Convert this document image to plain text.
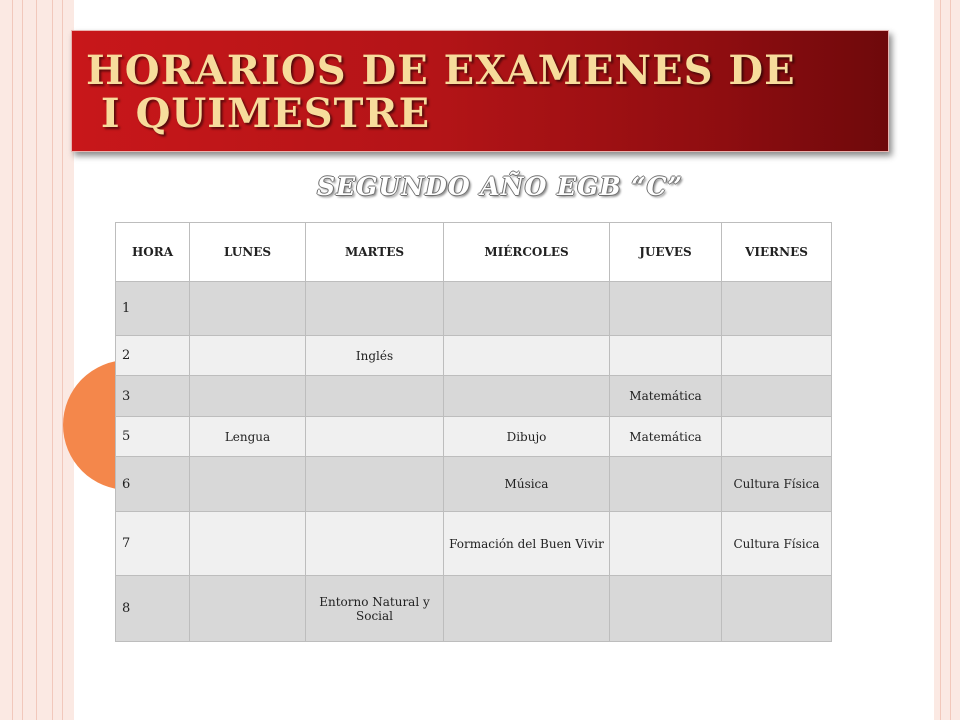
HORARIOS DE EXAMENES DE
I QUIMESTRE
SEGUNDO AÑO EGB “C”
HORA	LUNES	MARTES	MIÉRCOLES	JUEVES	VIERNES
1					
2		Inglés			
3				Matemática	
5	Lengua		Dibujo	Matemática	
6			Música		Cultura Física
7			Formación del Buen Vivir		Cultura Física
8		Entorno Natural y Social			
